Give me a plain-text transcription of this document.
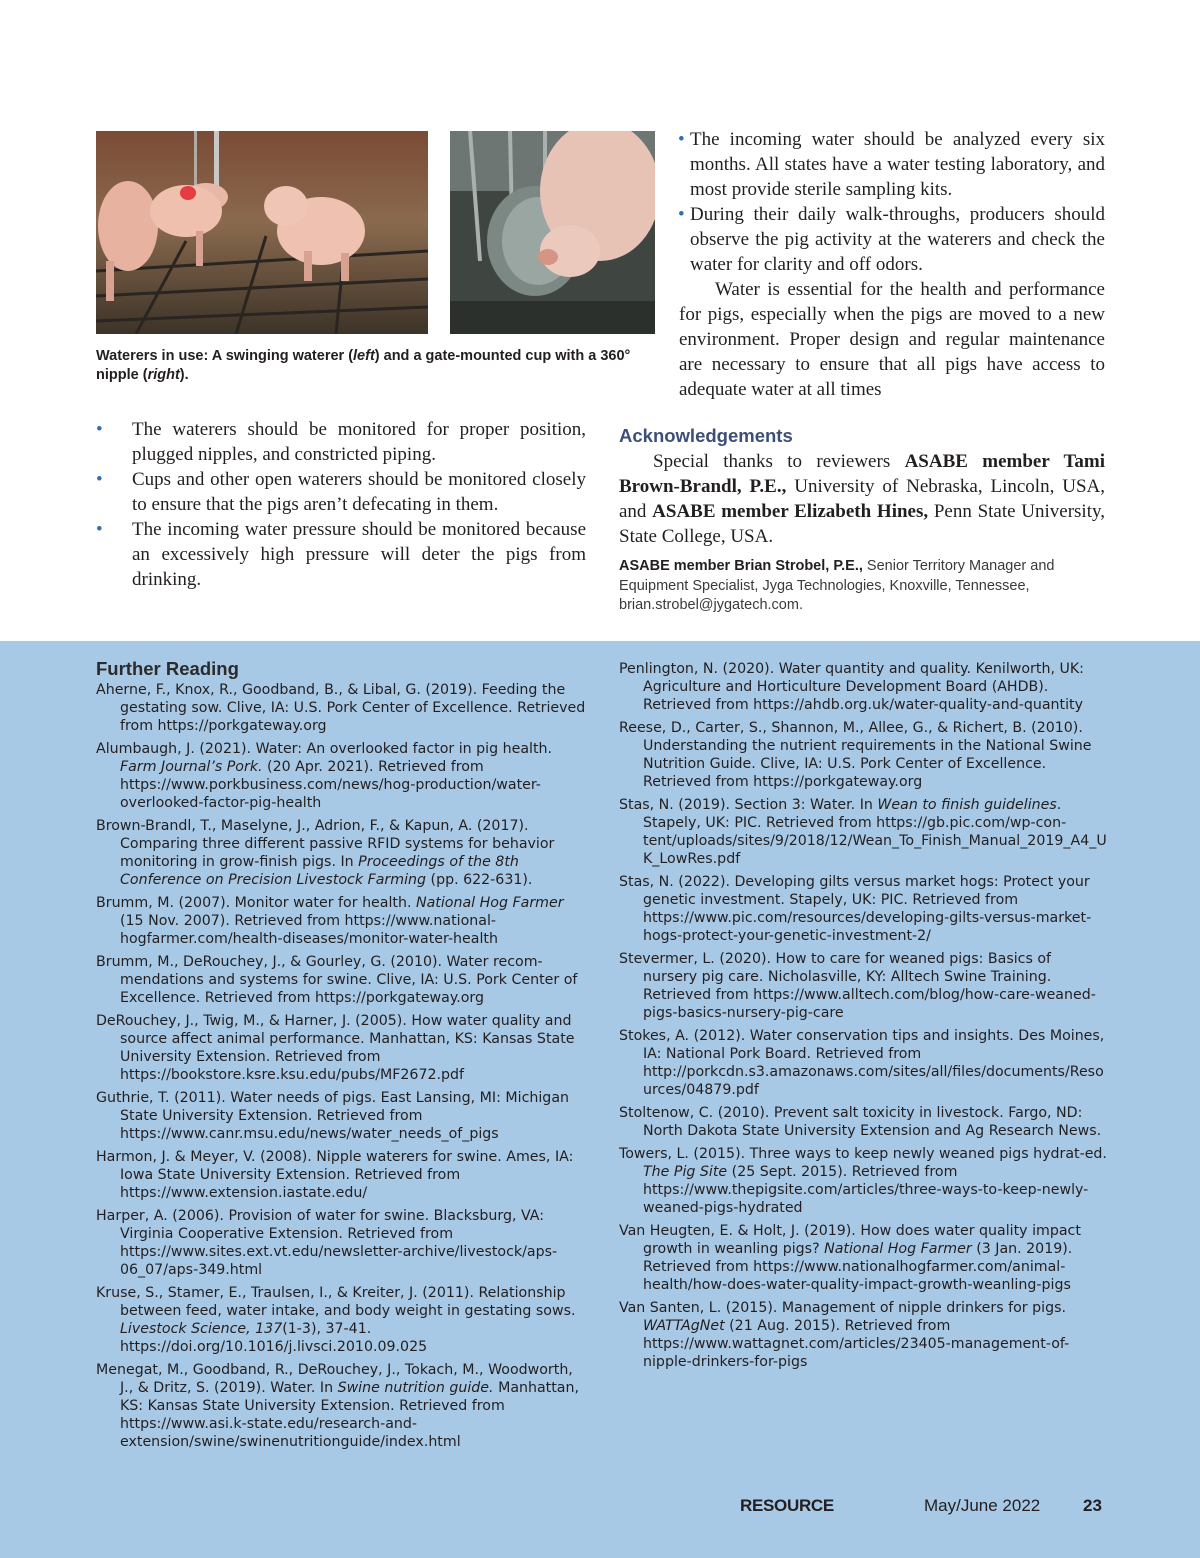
Waterers in use: A swinging waterer (left) and a gate-mounted cup with a 360° nipple (right).

• The waterers should be monitored for proper position, plugged nipples, and constricted piping.
• Cups and other open waterers should be monitored closely to ensure that the pigs aren’t defecating in them.
• The incoming water pressure should be monitored because an excessively high pressure will deter the pigs from drinking.

• The incoming water should be analyzed every six months. All states have a water testing laboratory, and most provide sterile sampling kits.

• During their daily walk-throughs, producers should observe the pig activity at the waterers and check the water for clarity and off odors.

Water is essential for the health and performance for pigs, especially when the pigs are moved to a new environment. Proper design and regular maintenance are necessary to ensure that all pigs have access to adequate water at all times

Acknowledgements

Special thanks to reviewers ASABE member Tami Brown-Brandl, P.E., University of Nebraska, Lincoln, USA, and ASABE member Elizabeth Hines, Penn State University, State College, USA.

ASABE member Brian Strobel, P.E., Senior Territory Manager and Equipment Specialist, Jyga Technologies, Knoxville, Tennessee, brian.strobel@jygatech.com.

Further Reading

Aherne, F., Knox, R., Goodband, B., & Libal, G. (2019). Feeding the gestating sow. Clive, IA: U.S. Pork Center of Excellence. Retrieved from https://porkgateway.org

Alumbaugh, J. (2021). Water: An overlooked factor in pig health. Farm Journal’s Pork. (20 Apr. 2021). Retrieved from https://www.porkbusiness.com/news/hog-production/water-overlooked-factor-pig-health

Brown-Brandl, T., Maselyne, J., Adrion, F., & Kapun, A. (2017). Comparing three different passive RFID systems for behavior monitoring in grow-finish pigs. In Proceedings of the 8th Conference on Precision Livestock Farming (pp. 622-631).

Brumm, M. (2007). Monitor water for health. National Hog Farmer (15 Nov. 2007). Retrieved from https://www.national-hogfarmer.com/health-diseases/monitor-water-health

Brumm, M., DeRouchey, J., & Gourley, G. (2010). Water recom-mendations and systems for swine. Clive, IA: U.S. Pork Center of Excellence. Retrieved from https://porkgateway.org

DeRouchey, J., Twig, M., & Harner, J. (2005). How water quality and source affect animal performance. Manhattan, KS: Kansas State University Extension. Retrieved from https://bookstore.ksre.ksu.edu/pubs/MF2672.pdf

Guthrie, T. (2011). Water needs of pigs. East Lansing, MI: Michigan State University Extension. Retrieved from https://www.canr.msu.edu/news/water_needs_of_pigs

Harmon, J. & Meyer, V. (2008). Nipple waterers for swine. Ames, IA: Iowa State University Extension. Retrieved from https://www.extension.iastate.edu/

Harper, A. (2006). Provision of water for swine. Blacksburg, VA: Virginia Cooperative Extension. Retrieved from https://www.sites.ext.vt.edu/newsletter-archive/livestock/aps-06_07/aps-349.html

Kruse, S., Stamer, E., Traulsen, I., & Kreiter, J. (2011). Relationship between feed, water intake, and body weight in gestating sows. Livestock Science, 137(1-3), 37-41. https://doi.org/10.1016/j.livsci.2010.09.025

Menegat, M., Goodband, R., DeRouchey, J., Tokach, M., Woodworth, J., & Dritz, S. (2019). Water. In Swine nutrition guide. Manhattan, KS: Kansas State University Extension. Retrieved from https://www.asi.k-state.edu/research-and-extension/swine/swinenutritionguide/index.html

Penlington, N. (2020). Water quantity and quality. Kenilworth, UK: Agriculture and Horticulture Development Board (AHDB). Retrieved from https://ahdb.org.uk/water-quality-and-quantity

Reese, D., Carter, S., Shannon, M., Allee, G., & Richert, B. (2010). Understanding the nutrient requirements in the National Swine Nutrition Guide. Clive, IA: U.S. Pork Center of Excellence. Retrieved from https://porkgateway.org

Stas, N. (2019). Section 3: Water. In Wean to finish guidelines. Stapely, UK: PIC. Retrieved from https://gb.pic.com/wp-con-tent/uploads/sites/9/2018/12/Wean_To_Finish_Manual_2019_A4_UK_LowRes.pdf

Stas, N. (2022). Developing gilts versus market hogs: Protect your genetic investment. Stapely, UK: PIC. Retrieved from https://www.pic.com/resources/developing-gilts-versus-market-hogs-protect-your-genetic-investment-2/

Stevermer, L. (2020). How to care for weaned pigs: Basics of nursery pig care. Nicholasville, KY: Alltech Swine Training. Retrieved from https://www.alltech.com/blog/how-care-weaned-pigs-basics-nursery-pig-care

Stokes, A. (2012). Water conservation tips and insights. Des Moines, IA: National Pork Board. Retrieved from http://porkcdn.s3.amazonaws.com/sites/all/files/documents/Resources/04879.pdf

Stoltenow, C. (2010). Prevent salt toxicity in livestock. Fargo, ND: North Dakota State University Extension and Ag Research News.

Towers, L. (2015). Three ways to keep newly weaned pigs hydrat-ed. The Pig Site (25 Sept. 2015). Retrieved from https://www.thepigsite.com/articles/three-ways-to-keep-newly-weaned-pigs-hydrated

Van Heugten, E. & Holt, J. (2019). How does water quality impact growth in weanling pigs? National Hog Farmer (3 Jan. 2019). Retrieved from https://www.nationalhogfarmer.com/animal-health/how-does-water-quality-impact-growth-weanling-pigs

Van Santen, L. (2015). Management of nipple drinkers for pigs. WATTAgNet (21 Aug. 2015). Retrieved from https://www.wattagnet.com/articles/23405-management-of-nipple-drinkers-for-pigs

RESOURCE	May/June 2022	23
